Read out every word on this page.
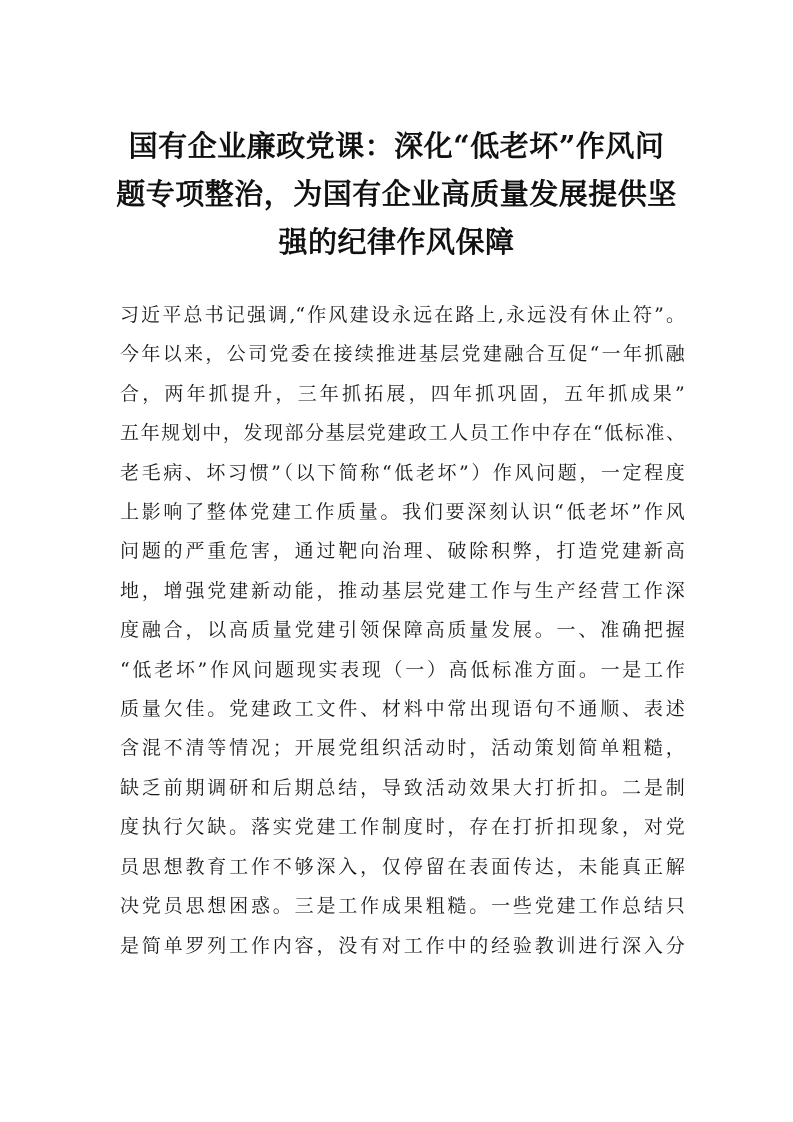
国有企业廉政党课：深化“低老坏”作风问
题专项整治，为国有企业高质量发展提供坚
强的纪律作风保障
习近平总书记强调,“作风建设永远在路上,永远没有休止符”。
今年以来，公司党委在接续推进基层党建融合互促“一年抓融
合，两年抓提升，三年抓拓展，四年抓巩固，五年抓成果”
五年规划中，发现部分基层党建政工人员工作中存在“低标准、
老毛病、坏习惯”（以下简称“低老坏”）作风问题，一定程度
上影响了整体党建工作质量。我们要深刻认识“低老坏”作风
问题的严重危害，通过靶向治理、破除积弊，打造党建新高
地，增强党建新动能，推动基层党建工作与生产经营工作深
度融合，以高质量党建引领保障高质量发展。一、准确把握
“低老坏”作风问题现实表现（一）高低标准方面。一是工作
质量欠佳。党建政工文件、材料中常出现语句不通顺、表述
含混不清等情况；开展党组织活动时，活动策划简单粗糙，
缺乏前期调研和后期总结，导致活动效果大打折扣。二是制
度执行欠缺。落实党建工作制度时，存在打折扣现象，对党
员思想教育工作不够深入，仅停留在表面传达，未能真正解
决党员思想困惑。三是工作成果粗糙。一些党建工作总结只
是简单罗列工作内容，没有对工作中的经验教训进行深入分
